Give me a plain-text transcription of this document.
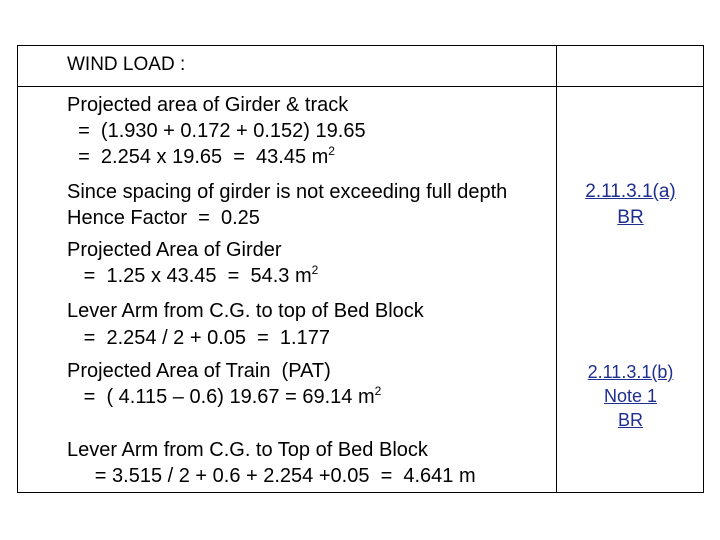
WIND LOAD :
Projected area of Girder & track
=  (1.930 + 0.172 + 0.152) 19.65
=  2.254 x 19.65  =  43.45 $m^2$
Since spacing of girder is not exceeding full depth
Hence Factor  =  0.25
Projected Area of Girder
=  1.25 x 43.45  =  54.3 $m^2$
Lever Arm from C.G. to top of Bed Block
=  2.254 / 2 + 0.05  =  1.177
Projected Area of Train  (PAT)
=  ( 4.115 – 0.6) 19.67 = 69.14 $m^2$
Lever Arm from C.G. to Top of Bed Block
= 3.515 / 2 + 0.6 + 2.254 +0.05  =  4.641 m
2.11.3.1(a)
BR
2.11.3.1(b)
Note 1
BR
